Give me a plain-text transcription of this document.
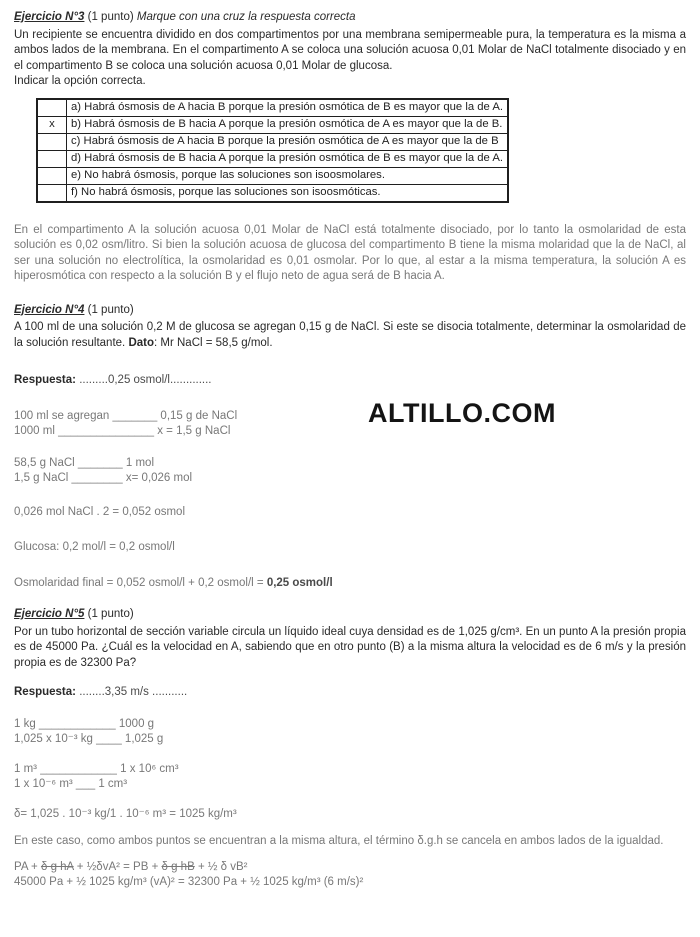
Ejercicio N°3 (1 punto) Marque con una cruz la respuesta correcta

Un recipiente se encuentra dividido en dos compartimentos por una membrana semipermeable pura, la temperatura es la misma a ambos lados de la membrana. En el compartimento A se coloca una solución acuosa 0,01 Molar de NaCl totalmente disociado y en el compartimento B se coloca una solución acuosa 0,01 Molar de glucosa.

Indicar la opción correcta.

	a) Habrá ósmosis de A hacia B porque la presión osmótica de B es mayor que la de A.
x	b) Habrá ósmosis de B hacia A porque la presión osmótica de A es mayor que la de B.
	c) Habrá ósmosis de A hacia B porque la presión osmótica de A es mayor que la de B
	d) Habrá ósmosis de B hacia A porque la presión osmótica de B es mayor que la de A.
	e) No habrá ósmosis, porque las soluciones son isoosmolares.
	f) No habrá ósmosis, porque las soluciones son isoosmóticas.

En el compartimento A la solución acuosa 0,01 Molar de NaCl está totalmente disociado, por lo tanto la osmolaridad de esta solución es 0,02 osm/litro. Si bien la solución acuosa de glucosa del compartimento B tiene la misma molaridad que la de NaCl, al ser una solución no electrolítica, la osmolaridad es 0,01 osmolar. Por lo que, al estar a la misma temperatura, la solución A es hiperosmótica con respecto a la solución B y el flujo neto de agua será de B hacia A.

Ejercicio N°4 (1 punto)

A 100 ml de una solución 0,2 M de glucosa se agregan 0,15 g de NaCl. Si este se disocia totalmente, determinar la osmolaridad de la solución resultante. Dato: Mr NaCl = 58,5 g/mol.

Respuesta: .........0,25 osmol/l.............

100 ml se agregan _______ 0,15 g de NaCl

1000 ml _______________ x = 1,5 g NaCl

58,5 g NaCl _______ 1 mol

1,5 g NaCl ________ x= 0,026 mol

0,026 mol NaCl . 2 = 0,052 osmol

Glucosa: 0,2 mol/l = 0,2 osmol/l

Osmolaridad final = 0,052 osmol/l + 0,2 osmol/l = 0,25 osmol/l

Ejercicio N°5 (1 punto)

Por un tubo horizontal de sección variable circula un líquido ideal cuya densidad es de 1,025 g/cm³. En un punto A la presión propia es de 45000 Pa. ¿Cuál es la velocidad en A, sabiendo que en otro punto (B) a la misma altura la velocidad es de 6 m/s y la presión propia es de 32300 Pa?

Respuesta: ........3,35 m/s ...........

1 kg ____________ 1000 g

1,025 x 10⁻³ kg ____ 1,025 g

1 m³ ____________ 1 x 10⁶ cm³

1 x 10⁻⁶ m³ ___ 1 cm³

δ= 1,025 . 10⁻³ kg/1 . 10⁻⁶ m³ = 1025 kg/m³

En este caso, como ambos puntos se encuentran a la misma altura, el término δ.g.h se cancela en ambos lados de la igualdad.

PA + δ g hA + ½δvA² = PB + δ g hB + ½ δ vB²

45000 Pa + ½ 1025 kg/m³ (vA)² = 32300 Pa + ½ 1025 kg/m³ (6 m/s)²

ALTILLO.COM
